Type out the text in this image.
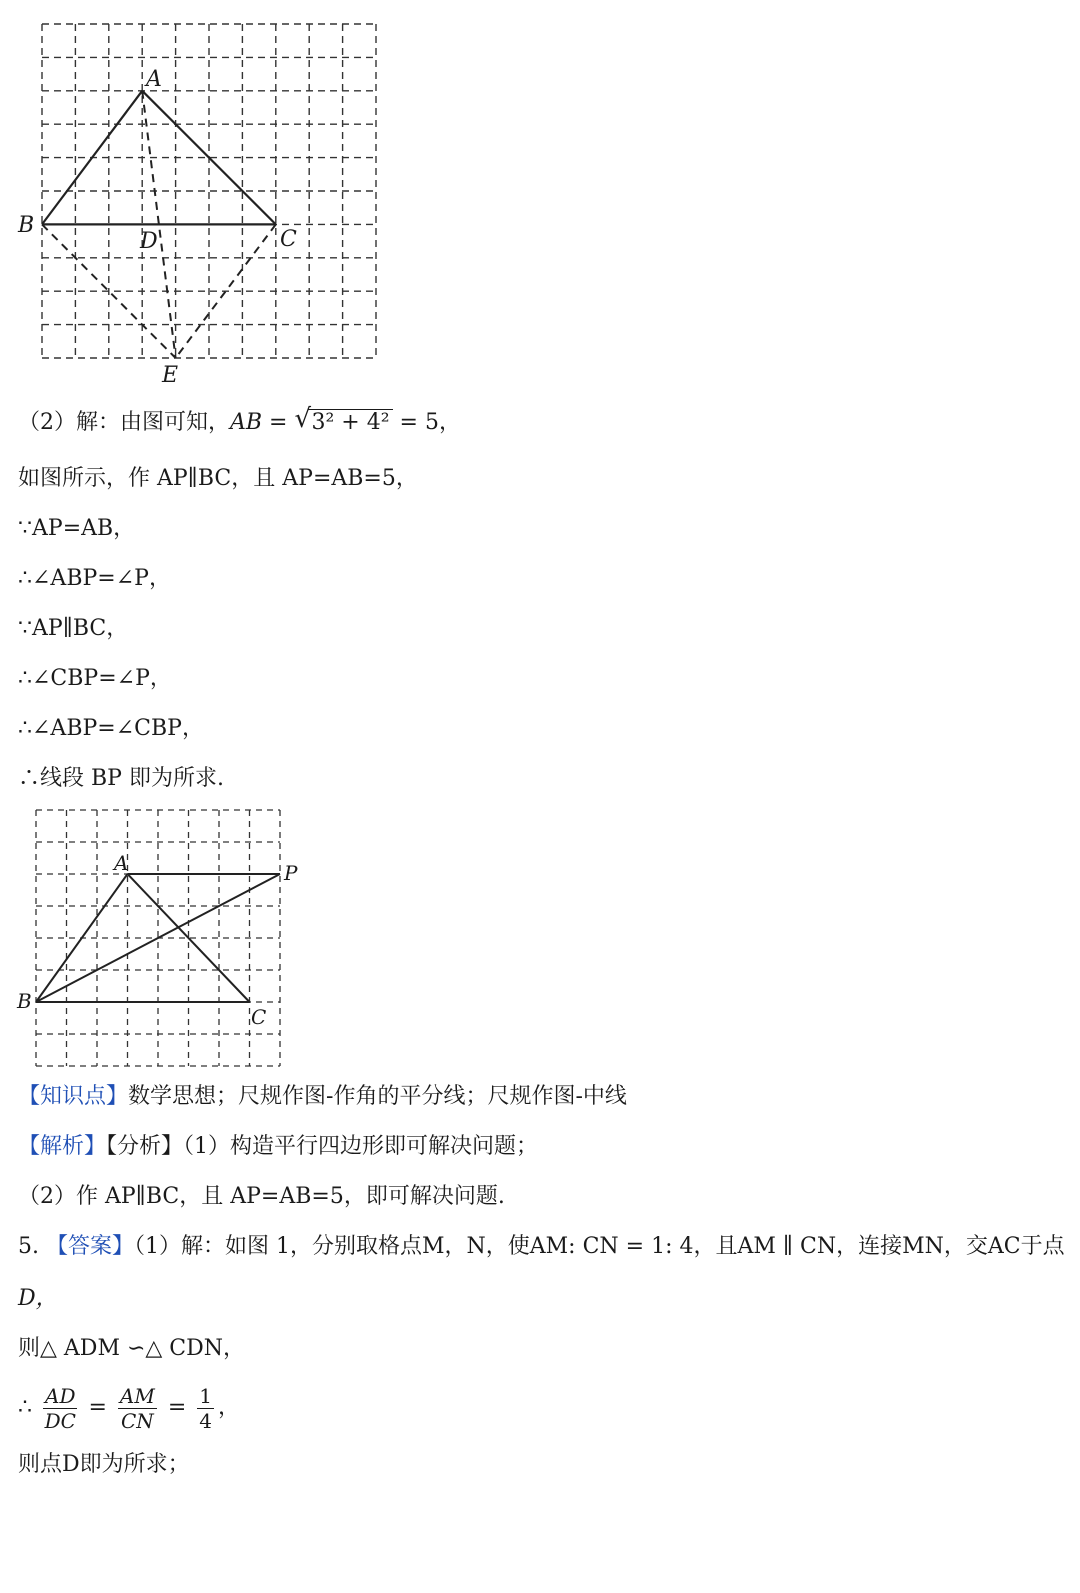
A
B
C
D
E
（2）解：由图可知，AB = √ 3² + 4² = 5，
如图所示，作 AP∥BC，且 AP=AB=5，
∵AP=AB，
∴∠ABP=∠P，
∵AP∥BC，
∴∠CBP=∠P，
∴∠ABP=∠CBP，
∴线段 BP 即为所求.
A	P
B
C
【知识点】数学思想；尺规作图-作角的平分线；尺规作图-中线
【解析】【分析】（1）构造平行四边形即可解决问题；
（2）作 AP∥BC，且 AP=AB=5，即可解决问题.
5. 【答案】（1）解：如图 1，分别取格点M，N，使AM: CN = 1: 4，且AM ∥ CN，连接MN，交AC于点
D，
则△ ADM ∽△ CDN，
∴ $\frac{AD}{DC} = \frac{AM}{CN} = \frac{1}{4}$ ，
则点D即为所求；
